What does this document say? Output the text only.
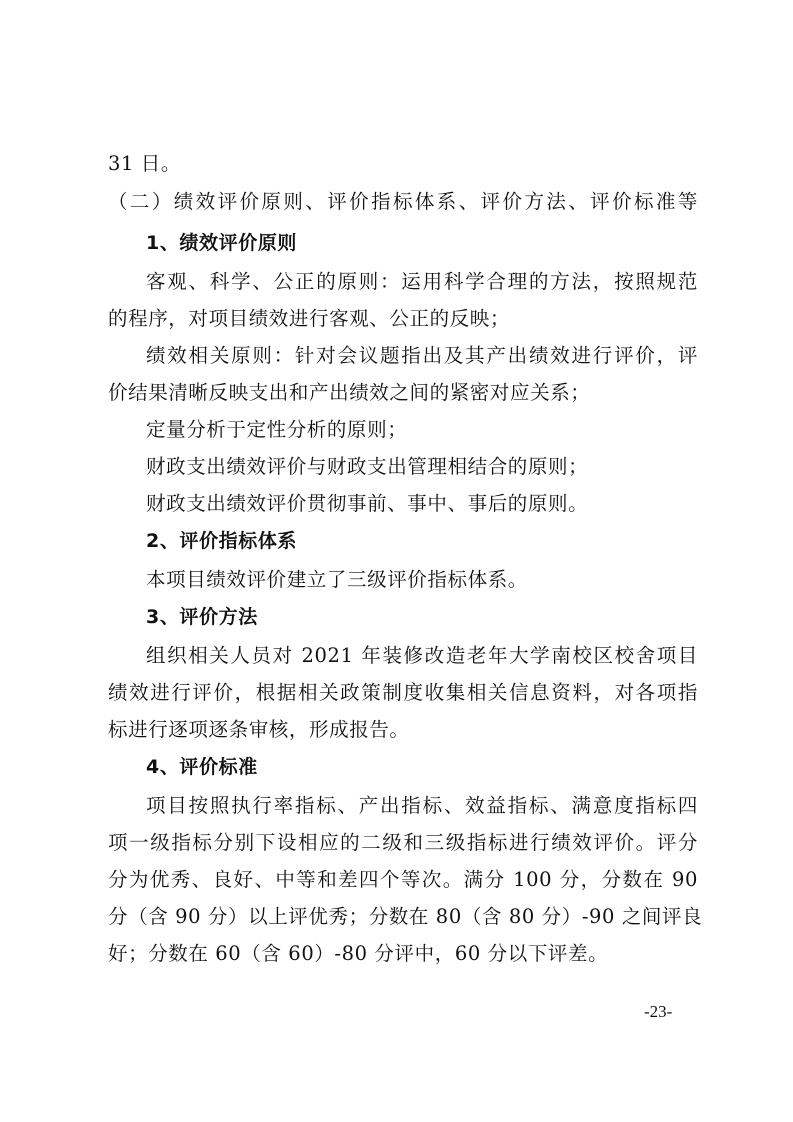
31 日。
（二）绩效评价原则、评价指标体系、评价方法、评价标准等
1、绩效评价原则
客观、科学、公正的原则：运用科学合理的方法，按照规范
的程序，对项目绩效进行客观、公正的反映；
绩效相关原则：针对会议题指出及其产出绩效进行评价，评
价结果清晰反映支出和产出绩效之间的紧密对应关系；
定量分析于定性分析的原则；
财政支出绩效评价与财政支出管理相结合的原则；
财政支出绩效评价贯彻事前、事中、事后的原则。
2、评价指标体系
本项目绩效评价建立了三级评价指标体系。
3、评价方法
组织相关人员对 2021 年装修改造老年大学南校区校舍项目
绩效进行评价，根据相关政策制度收集相关信息资料，对各项指
标进行逐项逐条审核，形成报告。
4、评价标准
项目按照执行率指标、产出指标、效益指标、满意度指标四
项一级指标分别下设相应的二级和三级指标进行绩效评价。评分
分为优秀、良好、中等和差四个等次。满分 100 分，分数在 90
分（含 90 分）以上评优秀；分数在 80（含 80 分）-90 之间评良
好；分数在 60（含 60）-80 分评中，60 分以下评差。
-23-
